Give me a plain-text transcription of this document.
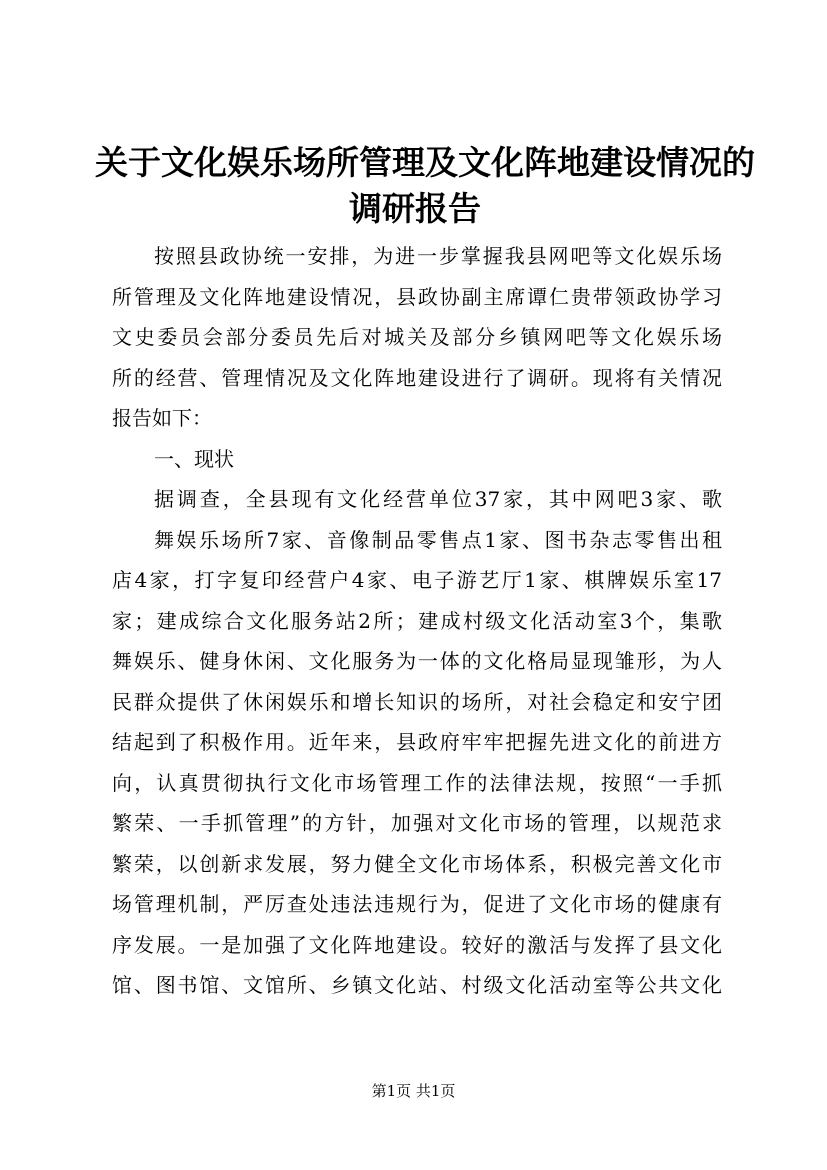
关于文化娱乐场所管理及文化阵地建设情况的
调研报告
按照县政协统一安排，为进一步掌握我县网吧等文化娱乐场
所管理及文化阵地建设情况，县政协副主席谭仁贵带领政协学习
文史委员会部分委员先后对城关及部分乡镇网吧等文化娱乐场
所的经营、管理情况及文化阵地建设进行了调研。现将有关情况
报告如下：
一、现状
据调查，全县现有文化经营单位37家，其中网吧3家、歌
舞娱乐场所7家、音像制品零售点1家、图书杂志零售出租
店4家，打字复印经营户4家、电子游艺厅1家、棋牌娱乐室17
家；建成综合文化服务站2所；建成村级文化活动室3个，集歌
舞娱乐、健身休闲、文化服务为一体的文化格局显现雏形，为人
民群众提供了休闲娱乐和增长知识的场所，对社会稳定和安宁团
结起到了积极作用。近年来，县政府牢牢把握先进文化的前进方
向，认真贯彻执行文化市场管理工作的法律法规，按照“一手抓
繁荣、一手抓管理”的方针，加强对文化市场的管理，以规范求
繁荣，以创新求发展，努力健全文化市场体系，积极完善文化市
场管理机制，严厉查处违法违规行为，促进了文化市场的健康有
序发展。一是加强了文化阵地建设。较好的激活与发挥了县文化
馆、图书馆、文馆所、乡镇文化站、村级文化活动室等公共文化
第1页 共1页
